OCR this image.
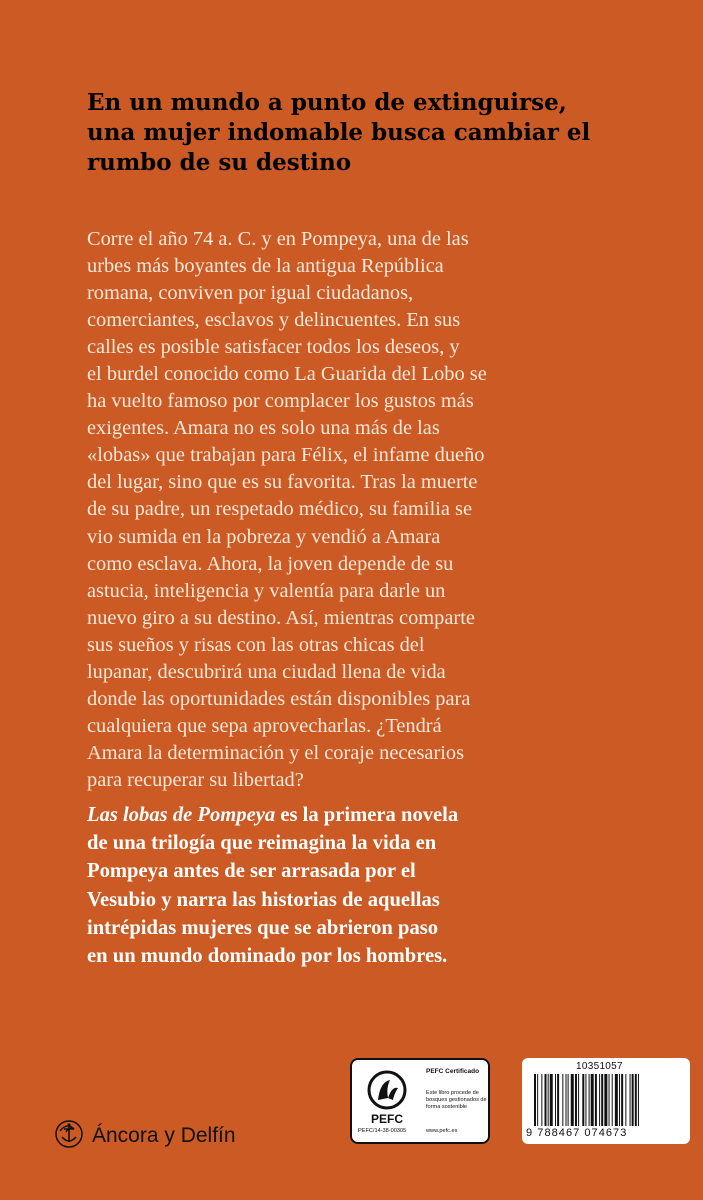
En un mundo a punto de extinguirse,
una mujer indomable busca cambiar el
rumbo de su destino

Corre el año 74 a. C. y en Pompeya, una de las
urbes más boyantes de la antigua República
romana, conviven por igual ciudadanos,
comerciantes, esclavos y delincuentes. En sus
calles es posible satisfacer todos los deseos, y
el burdel conocido como La Guarida del Lobo se
ha vuelto famoso por complacer los gustos más
exigentes. Amara no es solo una más de las
«lobas» que trabajan para Félix, el infame dueño
del lugar, sino que es su favorita. Tras la muerte
de su padre, un respetado médico, su familia se
vio sumida en la pobreza y vendió a Amara
como esclava. Ahora, la joven depende de su
astucia, inteligencia y valentía para darle un
nuevo giro a su destino. Así, mientras comparte
sus sueños y risas con las otras chicas del
lupanar, descubrirá una ciudad llena de vida
donde las oportunidades están disponibles para
cualquiera que sepa aprovecharlas. ¿Tendrá
Amara la determinación y el coraje necesarios
para recuperar su libertad?

Las lobas de Pompeya es la primera novela
de una trilogía que reimagina la vida en
Pompeya antes de ser arrasada por el
Vesubio y narra las historias de aquellas
intrépidas mujeres que se abrieron paso
en un mundo dominado por los hombres.

Áncora y Delfín
PEFC
PEFC Certificado
Este libro procede de bosques gestionados de forma sostenible
PEFC/14-38-00305	www.pefc.es
10351057
9 788467 074673
